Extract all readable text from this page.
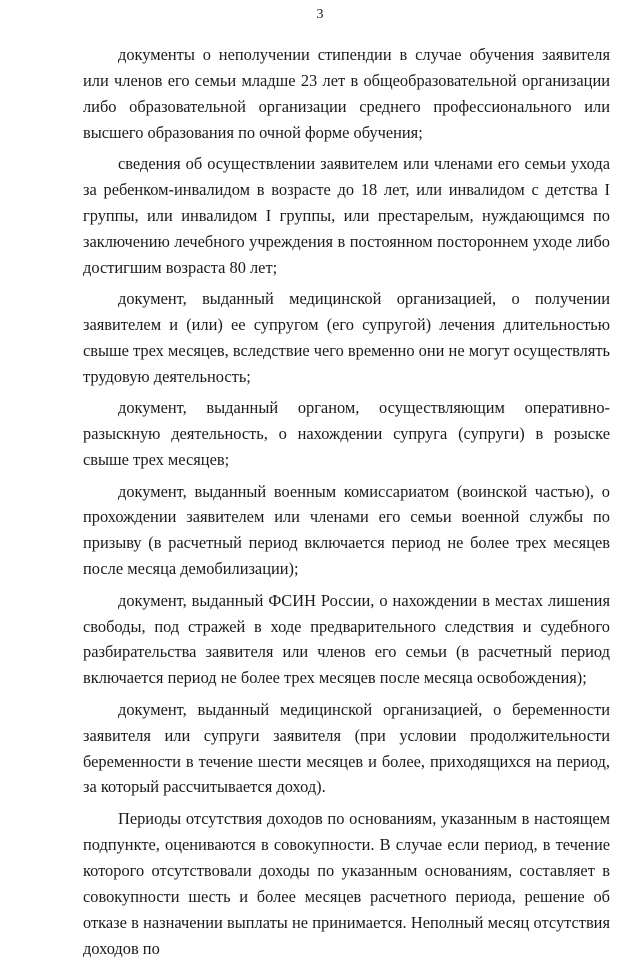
3

документы о неполучении стипендии в случае обучения заявителя или членов его семьи младше 23 лет в общеобразовательной организации либо образовательной организации среднего профессионального или высшего образования по очной форме обучения;

сведения об осуществлении заявителем или членами его семьи ухода за ребенком-инвалидом в возрасте до 18 лет, или инвалидом с детства I группы, или инвалидом I группы, или престарелым, нуждающимся по заключению лечебного учреждения в постоянном постороннем уходе либо достигшим возраста 80 лет;

документ, выданный медицинской организацией, о получении заявителем и (или) ее супругом (его супругой) лечения длительностью свыше трех месяцев, вследствие чего временно они не могут осуществлять трудовую деятельность;

документ, выданный органом, осуществляющим оперативно-разыскную деятельность, о нахождении супруга (супруги) в розыске свыше трех месяцев;

документ, выданный военным комиссариатом (воинской частью), о прохождении заявителем или членами его семьи военной службы по призыву (в расчетный период включается период не более трех месяцев после месяца демобилизации);

документ, выданный ФСИН России, о нахождении в местах лишения свободы, под стражей в ходе предварительного следствия и судебного разбирательства заявителя или членов его семьи (в расчетный период включается период не более трех месяцев после месяца освобождения);

документ, выданный медицинской организацией, о беременности заявителя или супруги заявителя (при условии продолжительности беременности в течение шести месяцев и более, приходящихся на период, за который рассчитывается доход).

Периоды отсутствия доходов по основаниям, указанным в настоящем подпункте, оцениваются в совокупности. В случае если период, в течение которого отсутствовали доходы по указанным основаниям, составляет в совокупности шесть и более месяцев расчетного периода, решение об отказе в назначении выплаты не принимается. Неполный месяц отсутствия доходов по
